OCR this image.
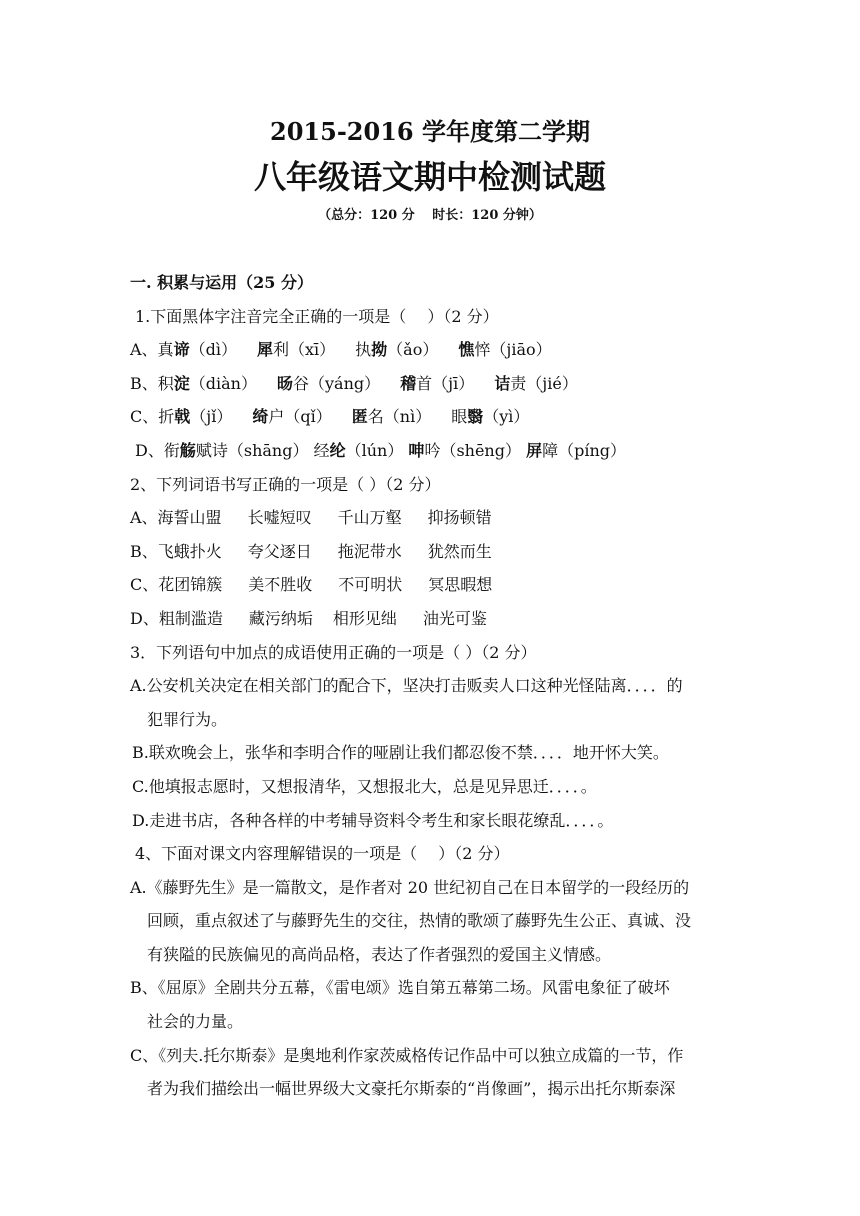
2015-2016 学年度第二学期
八年级语文期中检测试题
（总分：120 分　 时长：120 分钟）
一. 积累与运用（25 分）
1.下面黑体字注音完全正确的一项是（　 ）（2 分）
A、真谛（dì） 犀利（xī） 执拗（ǎo） 憔悴（jiāo）
B、积淀（diàn） 旸谷（yáng） 稽首（jī） 诘责（jié）
C、折戟（jǐ） 绮户（qǐ） 匿名（nì） 眼翳（yì）
D、衔觞赋诗（shāng） 经纶（lún） 呻吟（shēng） 屏障（píng）
2、下列词语书写正确的一项是（ ）（2 分）
A、海誓山盟 长嘘短叹 千山万壑 抑扬顿错
B、飞蛾扑火 夸父逐日 拖泥带水 犹然而生
C、花团锦簇 美不胜收 不可明状 冥思暇想
D、粗制滥造 藏污纳垢 相形见绌 油光可鉴
3．下列语句中加点的成语使用正确的一项是（ ）（2 分）
A.公安机关决定在相关部门的配合下，坚决打击贩卖人口这种光怪陆离．．．．的
犯罪行为。
B.联欢晚会上，张华和李明合作的哑剧让我们都忍俊不禁．．．．地开怀大笑。
C.他填报志愿时，又想报清华，又想报北大，总是见异思迁．．．．。
D.走进书店，各种各样的中考辅导资料令考生和家长眼花缭乱．．．．。
4、下面对课文内容理解错误的一项是（　 ）（2 分）
A.《藤野先生》是一篇散文，是作者对 20 世纪初自己在日本留学的一段经历的
回顾，重点叙述了与藤野先生的交往，热情的歌颂了藤野先生公正、真诚、没
有狭隘的民族偏见的高尚品格，表达了作者强烈的爱国主义情感。
B、《屈原》全剧共分五幕，《雷电颂》选自第五幕第二场。风雷电象征了破坏
社会的力量。
C、《列夫.托尔斯泰》是奥地利作家茨威格传记作品中可以独立成篇的一节，作
者为我们描绘出一幅世界级大文豪托尔斯泰的“肖像画”，揭示出托尔斯泰深
